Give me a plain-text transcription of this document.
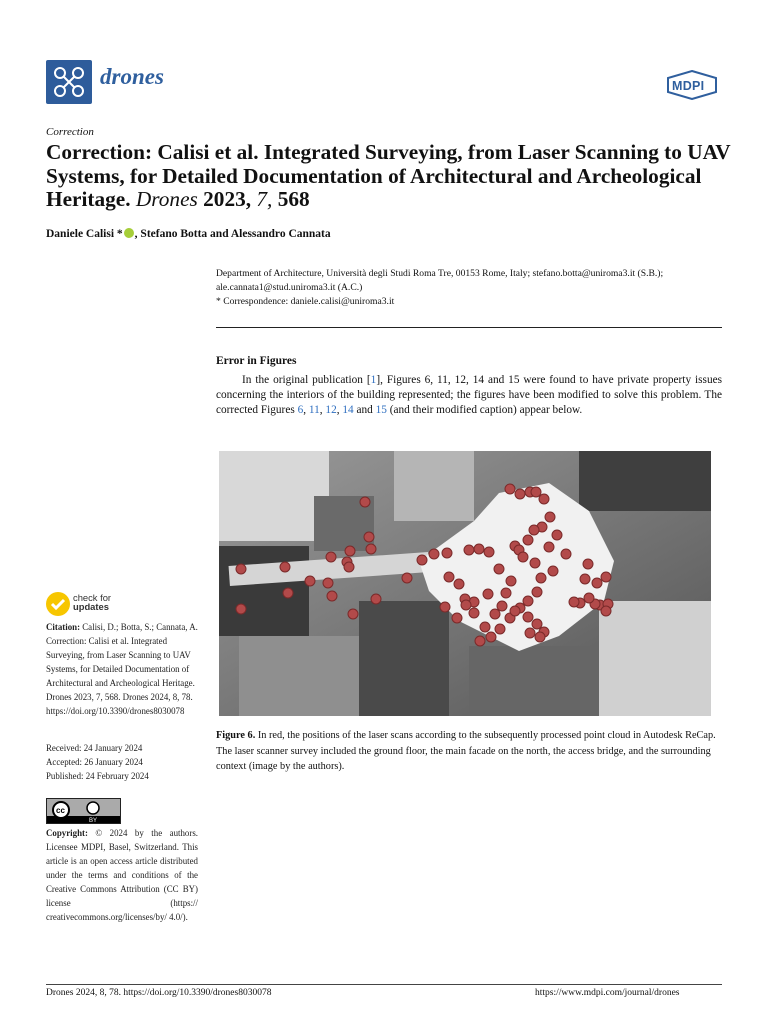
drones	MDPI
Correction
Correction: Calisi et al. Integrated Surveying, from Laser Scanning to UAV Systems, for Detailed Documentation of Architectural and Archeological Heritage. Drones 2023, 7, 568
Daniele Calisi * , Stefano Botta and Alessandro Cannata
Department of Architecture, Università degli Studi Roma Tre, 00153 Rome, Italy; stefano.botta@uniroma3.it (S.B.);
ale.cannata1@stud.uniroma3.it (A.C.)
* Correspondence: daniele.calisi@uniroma3.it
Error in Figures
In the original publication [1], Figures 6, 11, 12, 14 and 15 were found to have private property issues concerning the interiors of the building represented; the figures have been modified to solve this problem. The corrected Figures 6, 11, 12, 14 and 15 (and their modified caption) appear below.
Figure 6. In red, the positions of the laser scans according to the subsequently processed point cloud in Autodesk ReCap. The laser scanner survey included the ground floor, the main facade on the north, the access bridge, and the surrounding context (image by the authors).
check for
updates
Citation: Calisi, D.; Botta, S.; Cannata, A. Correction: Calisi et al. Integrated Surveying, from Laser Scanning to UAV Systems, for Detailed Documentation of Architectural and Archeological Heritage. Drones 2023, 7, 568. Drones 2024, 8, 78. https://doi.org/10.3390/drones8030078
Received: 24 January 2024
Accepted: 26 January 2024
Published: 24 February 2024
cc
BY
Copyright: © 2024 by the authors. Licensee MDPI, Basel, Switzerland. This article is an open access article distributed under the terms and conditions of the Creative Commons Attribution (CC BY) license (https:// creativecommons.org/licenses/by/ 4.0/).
Drones 2024, 8, 78. https://doi.org/10.3390/drones8030078	https://www.mdpi.com/journal/drones
